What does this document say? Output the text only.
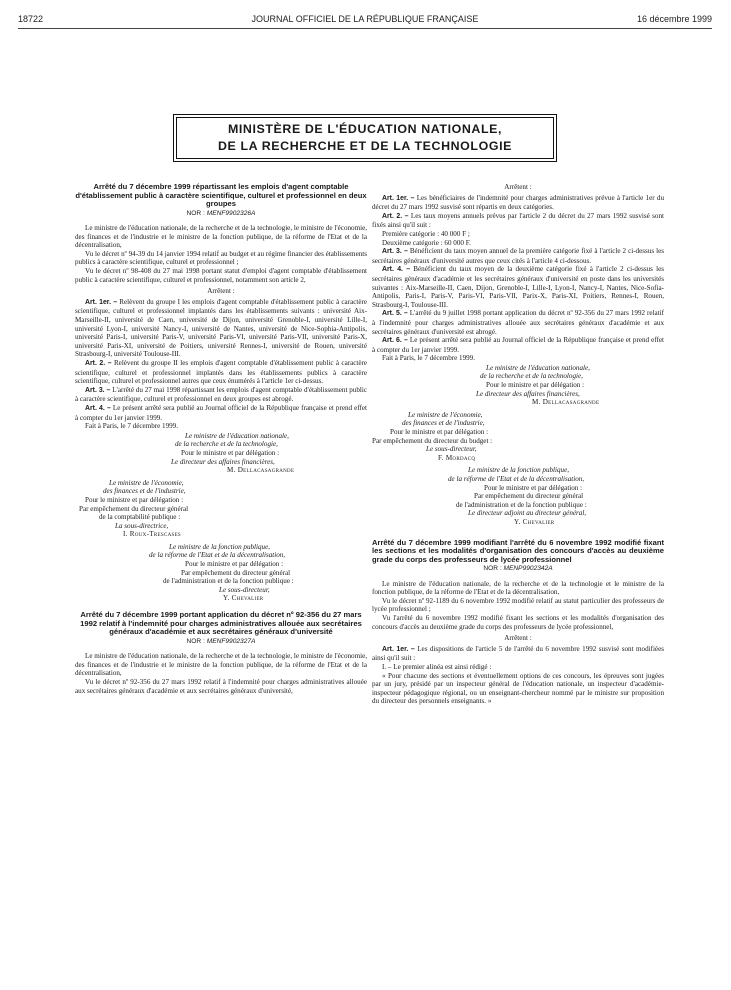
18722	JOURNAL OFFICIEL DE LA RÉPUBLIQUE FRANÇAISE	16 décembre 1999
MINISTÈRE DE L'ÉDUCATION NATIONALE,
DE LA RECHERCHE ET DE LA TECHNOLOGIE
Arrêté du 7 décembre 1999 répartissant les emplois d'agent comptable d'établissement public à caractère scientifique, culturel et professionnel en deux groupes
NOR : MENF9902326A

Le ministre de l'éducation nationale, de la recherche et de la technologie, le ministre de l'économie, des finances et de l'industrie et le ministre de la fonction publique, de la réforme de l'Etat et de la décentralisation,

Vu le décret nº 94-39 du 14 janvier 1994 relatif au budget et au régime financier des établissements publics à caractère scientifique, culturel et professionnel ;

Vu le décret nº 98-408 du 27 mai 1998 portant statut d'emploi d'agent comptable d'établissement public à caractère scientifique, culturel et professionnel, notamment son article 2,

Arrêtent :

Art. 1er. – Relèvent du groupe I les emplois d'agent comptable d'établissement public à caractère scientifique, culturel et professionnel implantés dans les établissements suivants : université Aix-Marseille-II, université de Caen, université de Dijon, université Grenoble-I, université Lille-I, université Lyon-I, université Nancy-I, université de Nantes, université de Nice-Sophia-Antipolis, université Paris-I, université Paris-V, université Paris-VI, université Paris-VII, université Paris-X, université Paris-XI, université de Poitiers, université Rennes-I, université de Rouen, université Strasbourg-I, université Toulouse-III.

Art. 2. – Relèvent du groupe II les emplois d'agent comptable d'établissement public à caractère scientifique, culturel et professionnel implantés dans les établissements publics à caractère scientifique, culturel et professionnel autres que ceux énumérés à l'article 1er ci-dessus.

Art. 3. – L'arrêté du 27 mai 1998 répartissant les emplois d'agent comptable d'établissement public à caractère scientifique, culturel et professionnel en deux groupes est abrogé.

Art. 4. – Le présent arrêté sera publié au Journal officiel de la République française et prend effet à compter du 1er janvier 1999.

Fait à Paris, le 7 décembre 1999.

Le ministre de l'éducation nationale,
de la recherche et de la technologie,
Pour le ministre et par délégation :
Le directeur des affaires financières,
M. Dellacasagrande
Le ministre de l'économie,
des finances et de l'industrie,
Pour le ministre et par délégation :
Par empêchement du directeur général
de la comptabilité publique :
La sous-directrice,
I. Roux-Trescases
Le ministre de la fonction publique,
de la réforme de l'Etat et de la décentralisation,
Pour le ministre et par délégation :
Par empêchement du directeur général
de l'administration et de la fonction publique :
Le sous-directeur,
Y. Chevalier
Arrêté du 7 décembre 1999 portant application du décret nº 92-356 du 27 mars 1992 relatif à l'indemnité pour charges administratives allouée aux secrétaires généraux d'académie et aux secrétaires généraux d'université
NOR : MENF9902327A

Le ministre de l'éducation nationale, de la recherche et de la technologie, le ministre de l'économie, des finances et de l'industrie et le ministre de la fonction publique, de la réforme de l'Etat et de la décentralisation,

Vu le décret nº 92-356 du 27 mars 1992 relatif à l'indemnité pour charges administratives allouée aux secrétaires généraux d'académie et aux secrétaires généraux d'université,

Arrêtent :

Art. 1er. – Les bénéficiaires de l'indemnité pour charges administratives prévue à l'article 1er du décret du 27 mars 1992 susvisé sont répartis en deux catégories.

Art. 2. – Les taux moyens annuels prévus par l'article 2 du décret du 27 mars 1992 susvisé sont fixés ainsi qu'il suit :

Première catégorie : 40 000 F ;

Deuxième catégorie : 60 000 F.

Art. 3. – Bénéficient du taux moyen annuel de la première catégorie fixé à l'article 2 ci-dessus les secrétaires généraux d'université autres que ceux cités à l'article 4 ci-dessous.

Art. 4. – Bénéficient du taux moyen de la deuxième catégorie fixé à l'article 2 ci-dessus les secrétaires généraux d'académie et les secrétaires généraux d'université en poste dans les universités suivantes : Aix-Marseille-II, Caen, Dijon, Grenoble-I, Lille-I, Lyon-I, Nancy-I, Nantes, Nice-Sofia-Antipolis, Paris-I, Paris-V, Paris-VI, Paris-VII, Parix-X, Paris-XI, Poitiers, Rennes-I, Rouen, Strasbourg-I, Toulouse-III.

Art. 5. – L'arrêté du 9 juillet 1998 portant application du décret nº 92-356 du 27 mars 1992 relatif à l'indemnité pour charges administratives allouée aux secrétaires généraux d'académie et aux secrétaires généraux d'université est abrogé.

Art. 6. – Le présent arrêté sera publié au Journal officiel de la République française et prend effet à compter du 1er janvier 1999.

Fait à Paris, le 7 décembre 1999.

Le ministre de l'éducation nationale,
de la recherche et de la technologie,
Pour le ministre et par délégation :
Le directeur des affaires financières,
M. Dellacasagrande
Le ministre de l'économie,
des finances et de l'industrie,
Pour le ministre et par délégation :
Par empêchement du directeur du budget :
Le sous-directeur,
F. Mordacq
Le ministre de la fonction publique,
de la réforme de l'Etat et de la décentralisation,
Pour le ministre et par délégation :
Par empêchement du directeur général
de l'administration et de la fonction publique :
Le directeur adjoint au directeur général,
Y. Chevalier
Arrêté du 7 décembre 1999 modifiant l'arrêté du 6 novembre 1992 modifié fixant les sections et les modalités d'organisation des concours d'accès au deuxième grade du corps des professeurs de lycée professionnel
NOR : MENP9902342A

Le ministre de l'éducation nationale, de la recherche et de la technologie et le ministre de la fonction publique, de la réforme de l'Etat et de la décentralisation,

Vu le décret nº 92-1189 du 6 novembre 1992 modifié relatif au statut particulier des professeurs de lycée professionnel ;

Vu l'arrêté du 6 novembre 1992 modifié fixant les sections et les modalités d'organisation des concours d'accès au deuxième grade du corps des professeurs de lycée professionnel,

Arrêtent :

Art. 1er. – Les dispositions de l'article 5 de l'arrêté du 6 novembre 1992 susvisé sont modifiées ainsi qu'il suit :

I. – Le premier alinéa est ainsi rédigé :

« Pour chacune des sections et éventuellement options de ces concours, les épreuves sont jugées par un jury, présidé par un inspecteur général de l'éducation nationale, un inspecteur d'académie-inspecteur pédagogique régional, ou un enseignant-chercheur nommé par le ministre sur proposition du directeur des personnels enseignants. »
